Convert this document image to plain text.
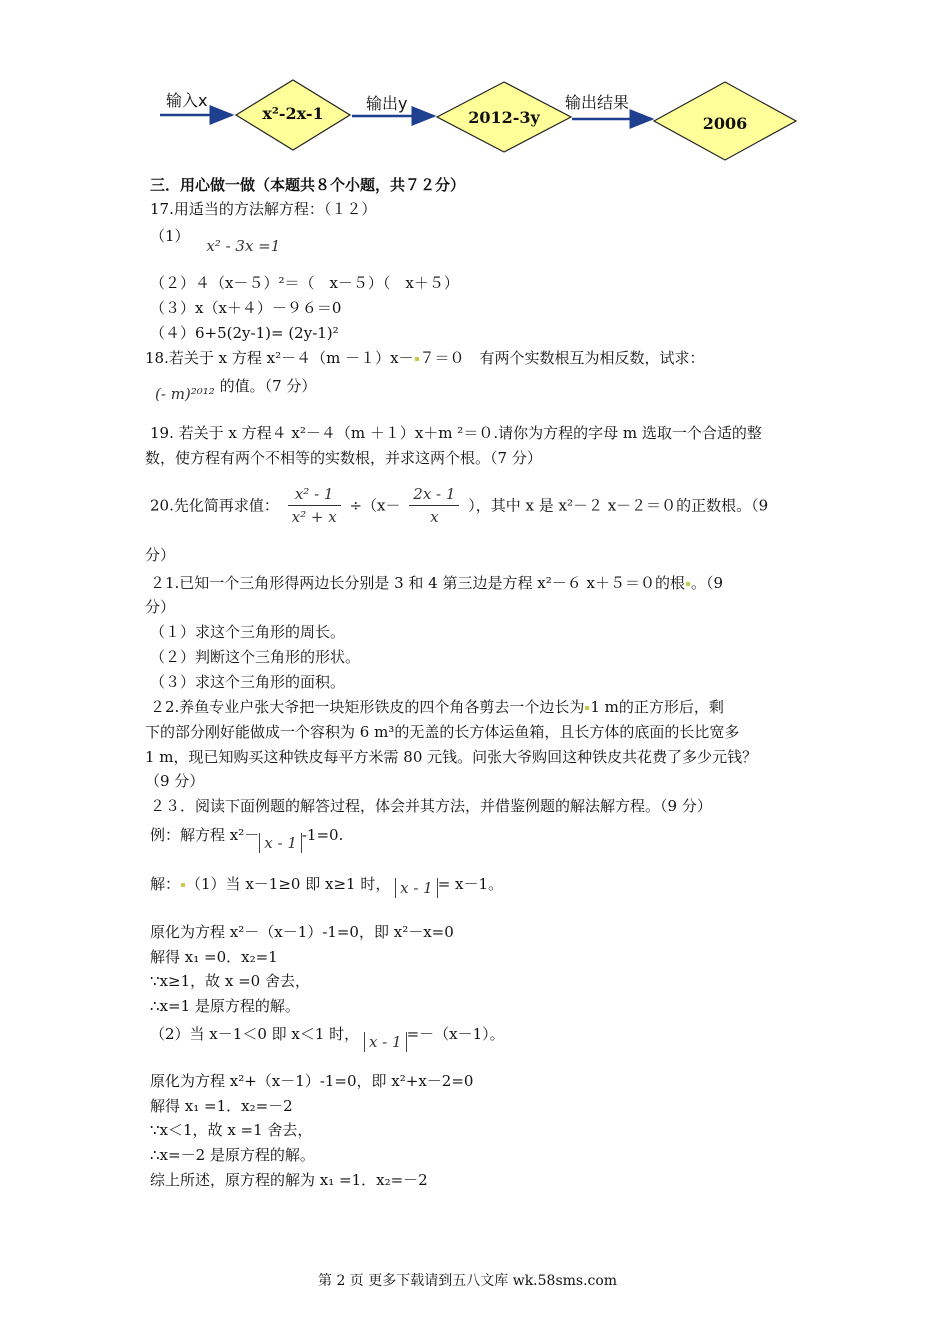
输入x
x²-2x-1
输出y
2012-3y
输出结果
2006
三．用心做一做（本题共８个小题，共７２分）
17.用适当的方法解方程：（１２）
（1） x² - 3x =1
（２）４（x－５）²＝（　x－５）（　x＋５）
（３）x（x＋４）－９６＝0
（４）6+5(2y-1)= (2y-1)²
18.若关于 x 方程 x²－４（m －１）x－ ７＝０　有两个实数根互为相反数，试求：
(- m)²⁰¹² 的值。（7 分）
19. 若关于 x 方程４ x²－４（m ＋１）x＋m ²＝０.请你为方程的字母 m 选取一个合适的整
数，使方程有两个不相等的实数根，并求这两个根。（7 分）
20.先化简再求值： $\frac{\text{x² - 1}}{\text{x² + x}} \div(x- \frac{2x - 1}{x}$ ），其中 x 是 x²－２ x－２＝０的正数根。（9
分）
２1.已知一个三角形得两边长分别是 3 和 4 第三边是方程 x²－６ x＋５＝０的根 。（9
分）
（１）求这个三角形的周长。
（２）判断这个三角形的形状。
（３）求这个三角形的面积。
２2.养鱼专业户张大爷把一块矩形铁皮的四个角各剪去一个边长为 1 m的正方形后，剩
下的部分刚好能做成一个容积为 6 m³的无盖的长方体运鱼箱，且长方体的底面的长比宽多
1 m，现已知购买这种铁皮每平方米需 80 元钱。问张大爷购回这种铁皮共花费了多少元钱？
（9 分）
２３．阅读下面例题的解答过程，体会并其方法，并借鉴例题的解法解方程。（9 分）
例：解方程 x²－ x - 1 -1=0.
解： （1）当 x－1≥0 即 x≥1 时， x - 1 = x－1。
原化为方程 x²－（x－1）-1=0，即 x²－x=0
解得 x₁ =0．x₂=1
∵x≥1，故 x =0 舍去，
∴x=1 是原方程的解。
（2）当 x－1＜0 即 x＜1 时， x - 1 =－（x－1）。
原化为方程 x²+（x－1）-1=0，即 x²+x－2=0
解得 x₁ =1．x₂=－2
∵x＜1，故 x =1 舍去，
∴x=－2 是原方程的解。
综上所述，原方程的解为 x₁ =1．x₂=－2
第 2 页 更多下载请到五八文库 wk.58sms.com
